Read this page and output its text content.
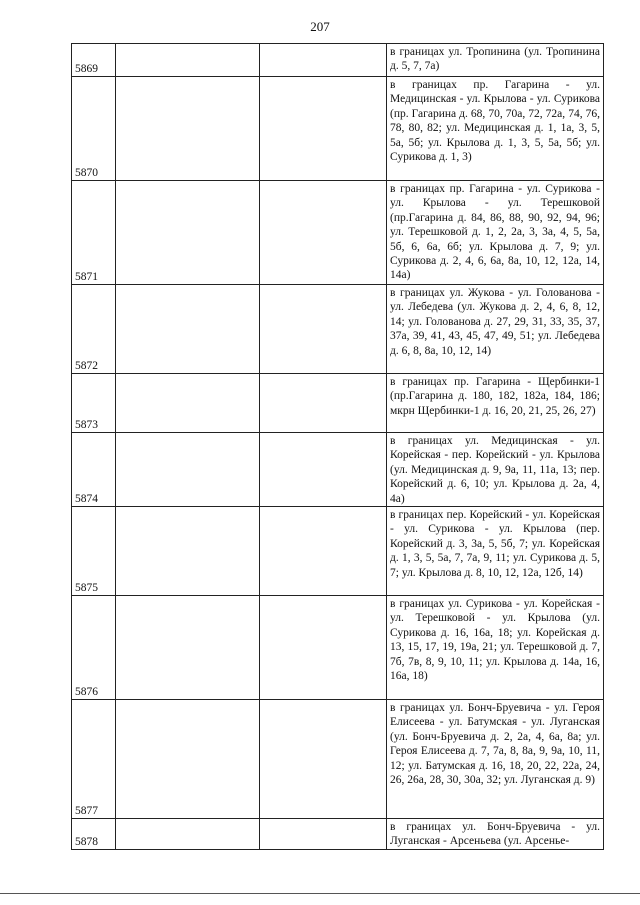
207
5869			в границах ул. Тропинина (ул. Тропинина д. 5, 7, 7а)
5870			в границах пр. Гагарина - ул. Медицинская - ул. Крылова - ул. Сурикова (пр. Гагарина д. 68, 70, 70а, 72, 72а, 74, 76, 78, 80, 82; ул. Медицинская д. 1, 1а, 3, 5, 5а, 5б; ул. Крылова д. 1, 3, 5, 5а, 5б; ул. Сурикова д. 1, 3)
5871			в границах пр. Гагарина - ул. Сурикова - ул. Крылова - ул. Терешковой (пр.Гагарина д. 84, 86, 88, 90, 92, 94, 96; ул. Терешковой д. 1, 2, 2а, 3, 3а, 4, 5, 5а, 5б, 6, 6а, 6б; ул. Крылова д. 7, 9; ул. Сурикова д. 2, 4, 6, 6а, 8а, 10, 12, 12а, 14, 14а)
5872			в границах ул. Жукова - ул. Голованова - ул. Лебедева (ул. Жукова д. 2, 4, 6, 8, 12, 14; ул. Голованова д. 27, 29, 31, 33, 35, 37, 37а, 39, 41, 43, 45, 47, 49, 51; ул. Лебедева д. 6, 8, 8а, 10, 12, 14)
5873			в границах пр. Гагарина - Щербинки-1 (пр.Гагарина д. 180, 182, 182а, 184, 186; мкрн Щербинки-1 д. 16, 20, 21, 25, 26, 27)
5874			в границах ул. Медицинская - ул. Корейская - пер. Корейский - ул. Крылова (ул. Медицинская д. 9, 9а, 11, 11а, 13; пер. Корейский д. 6, 10; ул. Крылова д. 2а, 4, 4а)
5875			в границах пер. Корейский - ул. Корейская - ул. Сурикова - ул. Крылова (пер. Корейский д. 3, 3а, 5, 5б, 7; ул. Корейская д. 1, 3, 5, 5а, 7, 7а, 9, 11; ул. Сурикова д. 5, 7; ул. Крылова д. 8, 10, 12, 12а, 12б, 14)
5876			в границах ул. Сурикова - ул. Корейская - ул. Терешковой - ул. Крылова (ул. Сурикова д. 16, 16а, 18; ул. Корейская д. 13, 15, 17, 19, 19а, 21; ул. Терешковой д. 7, 7б, 7в, 8, 9, 10, 11; ул. Крылова д. 14а, 16, 16а, 18)
5877			в границах ул. Бонч-Бруевича - ул. Героя Елисеева - ул. Батумская - ул. Луганская (ул. Бонч-Бруевича д. 2, 2а, 4, 6а, 8а; ул. Героя Елисеева д. 7, 7а, 8, 8а, 9, 9а, 10, 11, 12; ул. Батумская д. 16, 18, 20, 22, 22а, 24, 26, 26а, 28, 30, 30а, 32; ул. Луганская д. 9)
5878			в границах ул. Бонч-Бруевича - ул. Луганская - Арсеньева (ул. Арсенье-
